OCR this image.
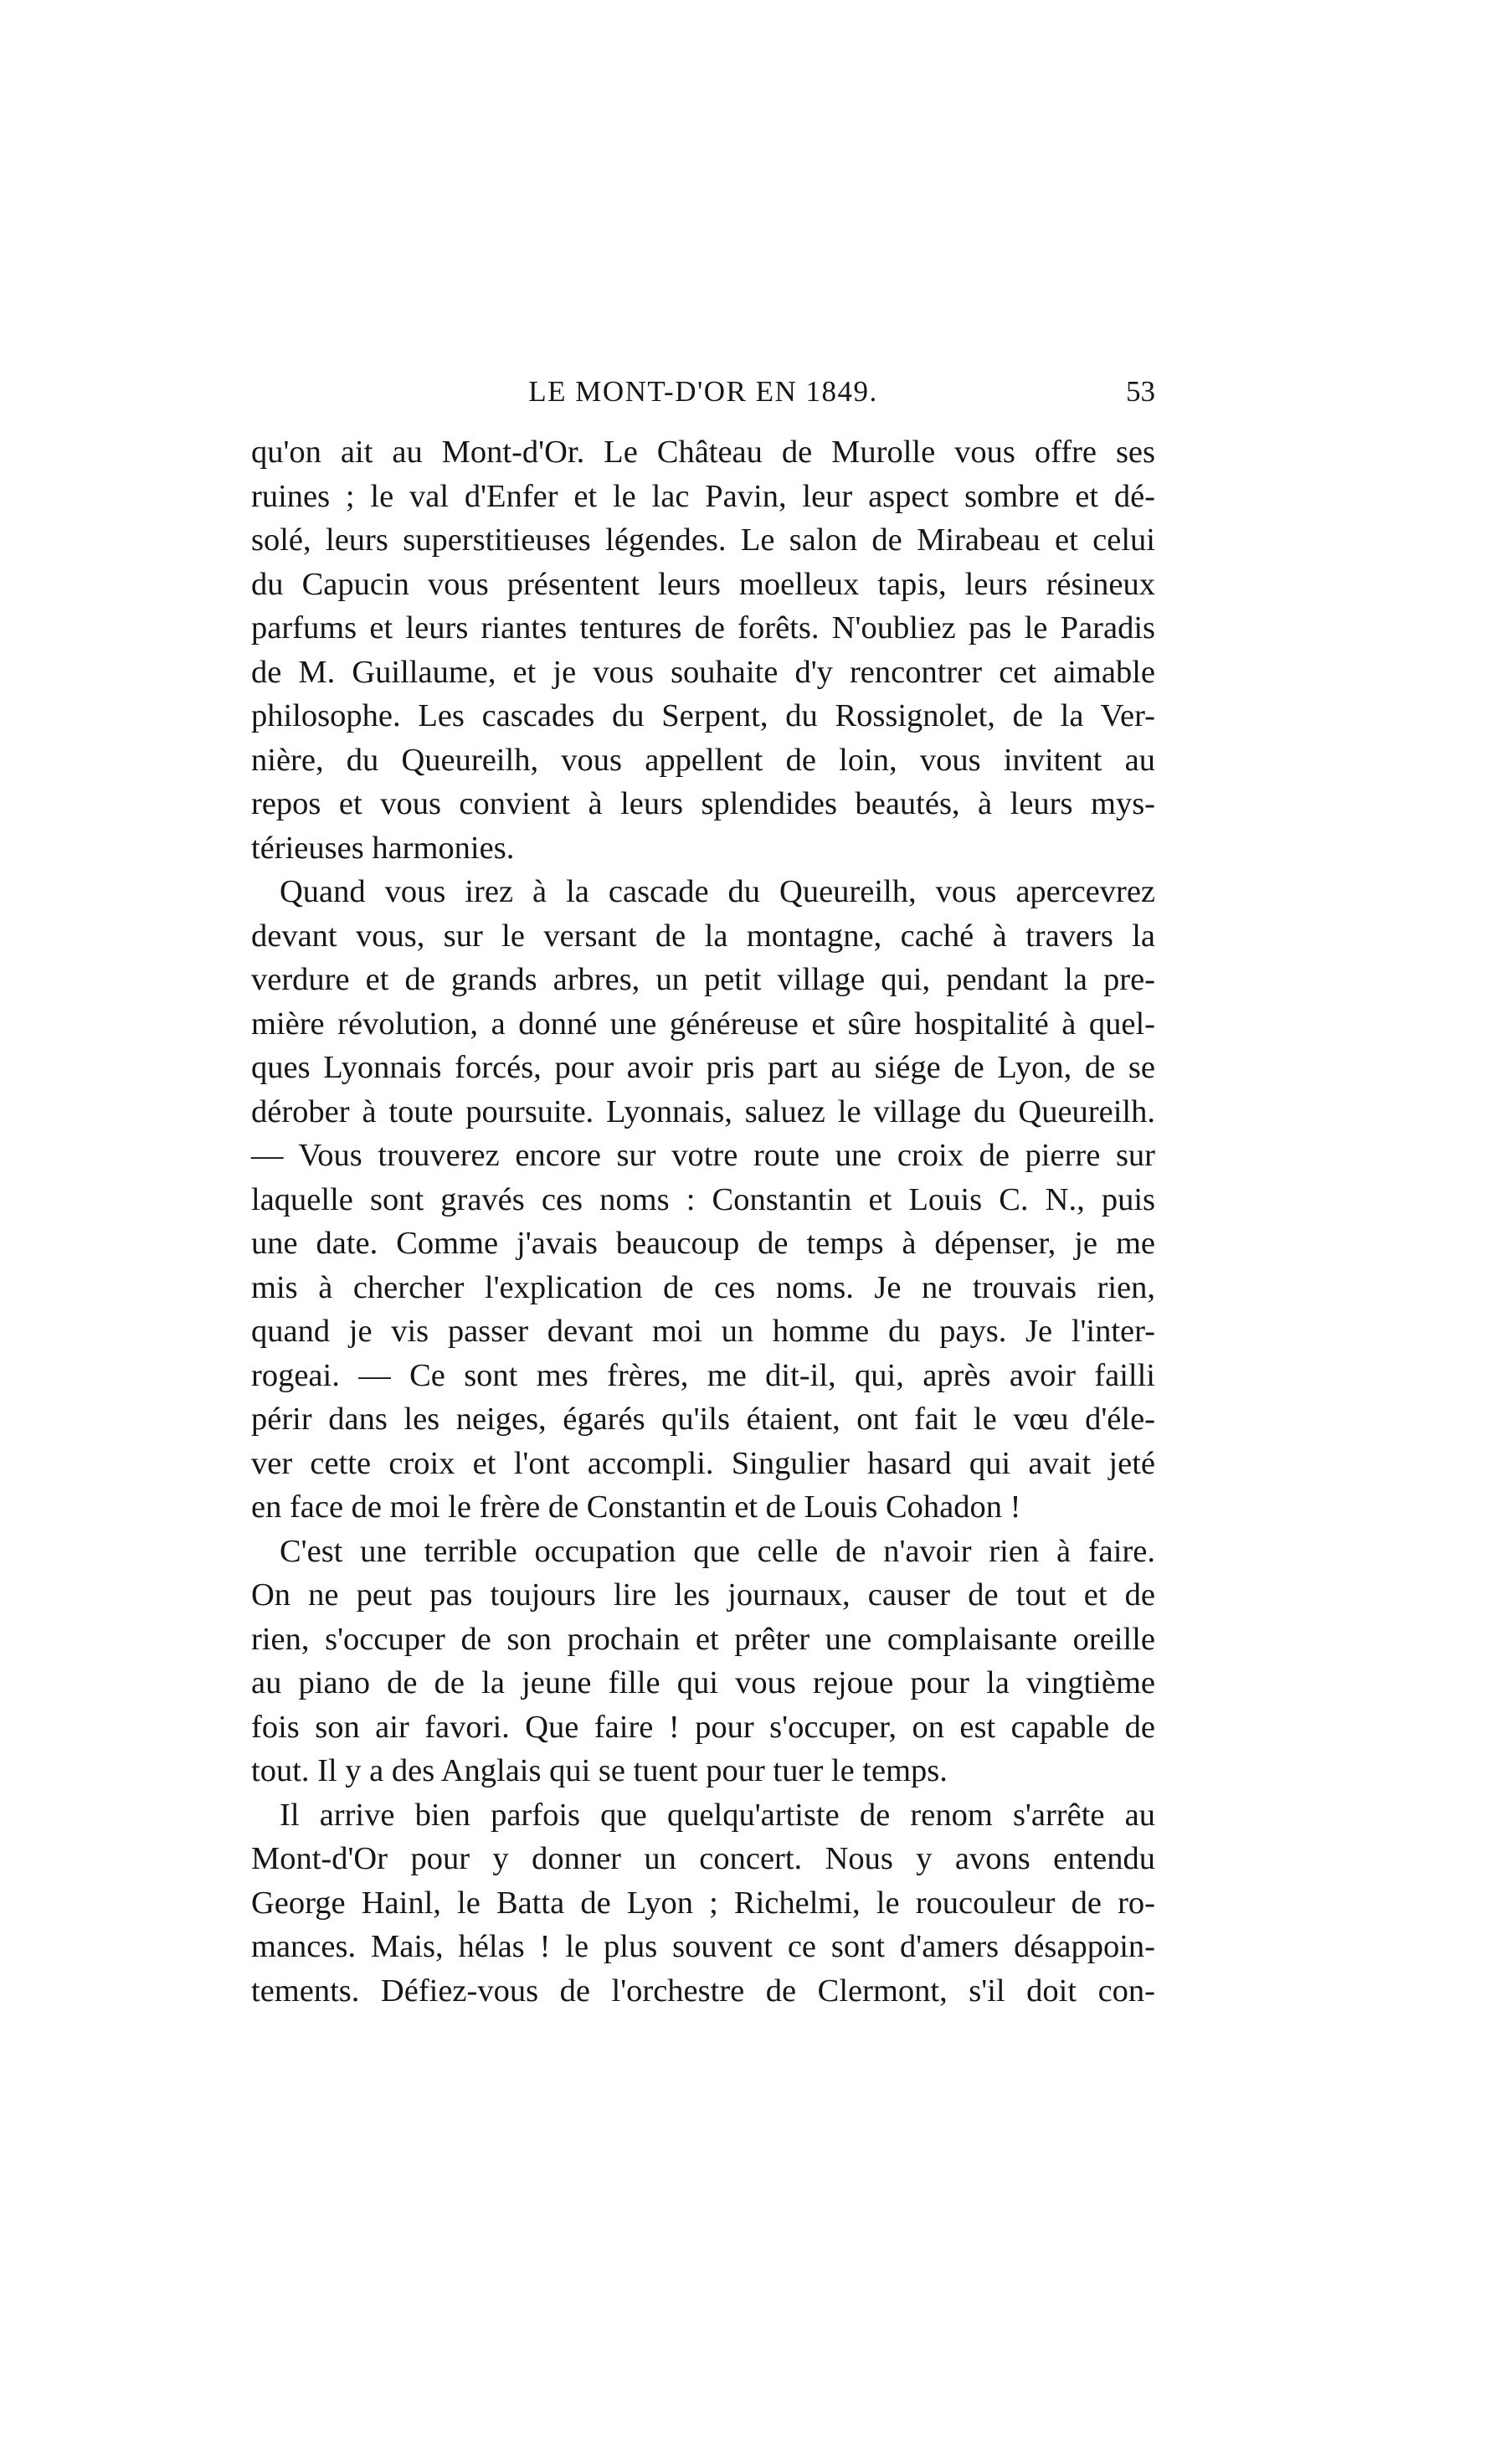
LE MONT-D'OR EN 1849.	53
qu'on ait au Mont-d'Or. Le Château de Murolle vous offre ses
ruines ; le val d'Enfer et le lac Pavin, leur aspect sombre et dé-
solé, leurs superstitieuses légendes. Le salon de Mirabeau et celui
du Capucin vous présentent leurs moelleux tapis, leurs résineux
parfums et leurs riantes tentures de forêts. N'oubliez pas le Paradis
de M. Guillaume, et je vous souhaite d'y rencontrer cet aimable
philosophe. Les cascades du Serpent, du Rossignolet, de la Ver-
nière, du Queureilh, vous appellent de loin, vous invitent au
repos et vous convient à leurs splendides beautés, à leurs mys-
térieuses harmonies.
Quand vous irez à la cascade du Queureilh, vous apercevrez
devant vous, sur le versant de la montagne, caché à travers la
verdure et de grands arbres, un petit village qui, pendant la pre-
mière révolution, a donné une généreuse et sûre hospitalité à quel-
ques Lyonnais forcés, pour avoir pris part au siége de Lyon, de se
dérober à toute poursuite. Lyonnais, saluez le village du Queureilh.
— Vous trouverez encore sur votre route une croix de pierre sur
laquelle sont gravés ces noms : Constantin et Louis C. N., puis
une date. Comme j'avais beaucoup de temps à dépenser, je me
mis à chercher l'explication de ces noms. Je ne trouvais rien,
quand je vis passer devant moi un homme du pays. Je l'inter-
rogeai. — Ce sont mes frères, me dit-il, qui, après avoir failli
périr dans les neiges, égarés qu'ils étaient, ont fait le vœu d'éle-
ver cette croix et l'ont accompli. Singulier hasard qui avait jeté
en face de moi le frère de Constantin et de Louis Cohadon !
C'est une terrible occupation que celle de n'avoir rien à faire.
On ne peut pas toujours lire les journaux, causer de tout et de
rien, s'occuper de son prochain et prêter une complaisante oreille
au piano de de la jeune fille qui vous rejoue pour la vingtième
fois son air favori. Que faire ! pour s'occuper, on est capable de
tout. Il y a des Anglais qui se tuent pour tuer le temps.
Il arrive bien parfois que quelqu'artiste de renom s'arrête au
Mont-d'Or pour y donner un concert. Nous y avons entendu
George Hainl, le Batta de Lyon ; Richelmi, le roucouleur de ro-
mances. Mais, hélas ! le plus souvent ce sont d'amers désappoin-
tements. Défiez-vous de l'orchestre de Clermont, s'il doit con-
